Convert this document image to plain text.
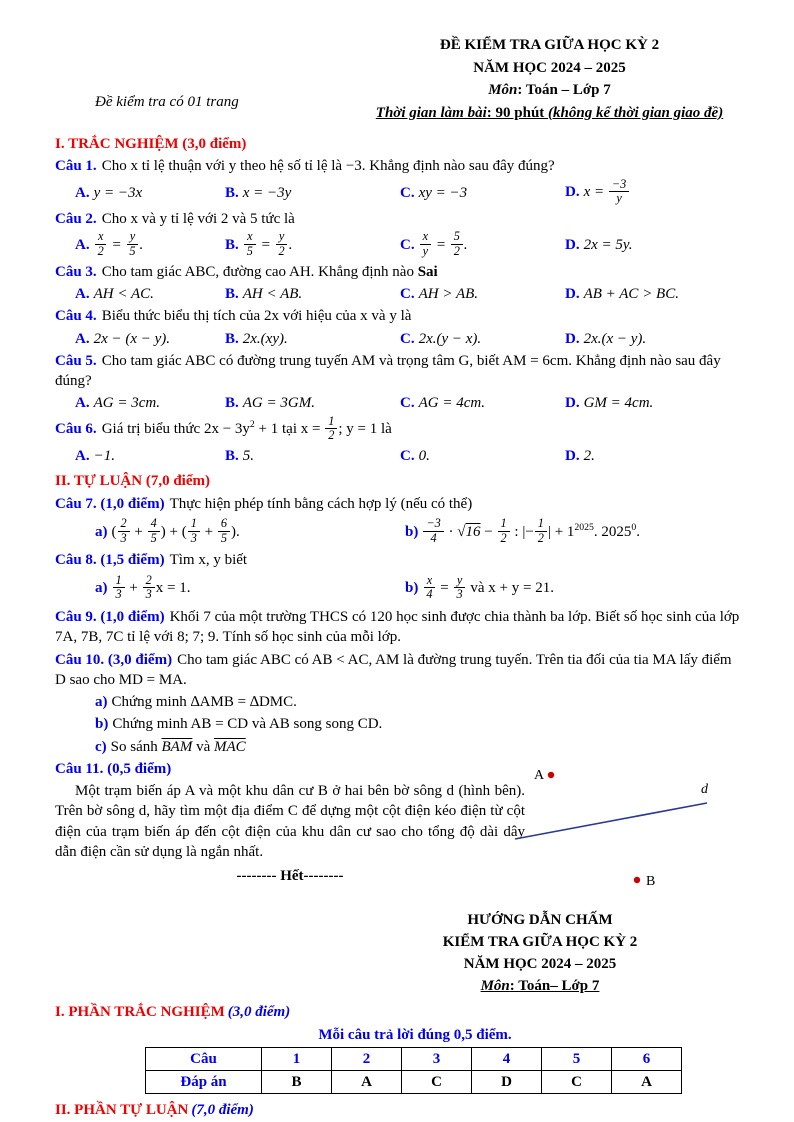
Đề kiểm tra có 01 trang
ĐỀ KIỂM TRA GIỮA HỌC KỲ 2
NĂM HỌC 2024 – 2025
Môn: Toán – Lớp 7
Thời gian làm bài: 90 phút (không kể thời gian giao đề)
I. TRẮC NGHIỆM (3,0 điểm)
Câu 1. Cho x tỉ lệ thuận với y theo hệ số tỉ lệ là −3. Khẳng định nào sau đây đúng?
A. y = −3x	B. x = −3y	C. xy = −3	D. $x = \frac{-3}{y}$
Câu 2. Cho x và y tỉ lệ với 2 và 5 tức là
A. $\frac{x}{2} = \frac{y}{5}$ .	B. $\frac{x}{5} = \frac{y}{2}$ .	C. $\frac{x}{y} = \frac{5}{2}$ .	D. 2x = 5y.
Câu 3. Cho tam giác ABC, đường cao AH. Khẳng định nào Sai
A. AH < AC.	B. AH < AB.	C. AH > AB.	D. AB + AC > BC.
Câu 4. Biểu thức biểu thị tích của 2x với hiệu của x và y là
A. 2x − (x − y).	B. 2x.(xy).	C. 2x.(y − x).	D. 2x.(x − y).
Câu 5. Cho tam giác ABC có đường trung tuyến AM và trọng tâm G, biết AM = 6cm. Khẳng định nào sau đây đúng?
A. AG = 3cm.	B. AG = 3GM.	C. AG = 4cm.	D. GM = 4cm.
Câu 6. Giá trị biểu thức $2x - 3y^2 + 1$ tại $x = \frac{1}{2}$ ; y = 1 là
A. −1.	B. 5.	C. 0.	D. 2.
II. TỰ LUẬN (7,0 điểm)
Câu 7. (1,0 điểm) Thực hiện phép tính bằng cách hợp lý (nếu có thể)
a) ( $\frac{2}{3} + \frac{4}{5}$ ) + ( $\frac{1}{3} + \frac{6}{5}$ ).	$b) \frac{-3}{4} \cdot √16 - \frac{1}{2}$ : |− $\frac{1}{2}$ | + $1^{2025}$. 2025$^0$.
Câu 8. (1,5 điểm) Tìm x, y biết
$a) \frac{1}{3} + \frac{2}{3}$ x = 1.	$b) \frac{x}{4} = \frac{y}{3}$ và x + y = 21.
Câu 9. (1,0 điểm) Khối 7 của một trường THCS có 120 học sinh được chia thành ba lớp. Biết số học sinh của lớp 7A, 7B, 7C tỉ lệ với 8; 7; 9. Tính số học sinh của mỗi lớp.
Câu 10. (3,0 điểm) Cho tam giác ABC có AB < AC, AM là đường trung tuyến. Trên tia đối của tia MA lấy điểm D sao cho MD = MA.
a) Chứng minh ∆AMB = ∆DMC.
b) Chứng minh AB = CD và AB song song CD.
c) So sánh $\overline{BAM}$ và $\overline{MAC}$
Câu 11. (0,5 điểm)

Một trạm biến áp A và một khu dân cư B ở hai bên bờ sông d (hình bên). Trên bờ sông d, hãy tìm một địa điểm C để dựng một cột điện kéo điện từ cột điện của trạm biến áp đến cột điện của khu dân cư sao cho tổng độ dài dây dẫn điện cần sử dụng là ngắn nhất.

-------- Hết--------
A
d
B
HƯỚNG DẪN CHẤM
KIỂM TRA GIỮA HỌC KỲ 2
NĂM HỌC 2024 – 2025
Môn: Toán– Lớp 7
I. PHẦN TRẮC NGHIỆM (3,0 điểm)
Mỗi câu trả lời đúng 0,5 điểm.
Câu	1	2	3	4	5	6
Đáp án	B	A	C	D	C	A
II. PHẦN TỰ LUẬN (7,0 điểm)
